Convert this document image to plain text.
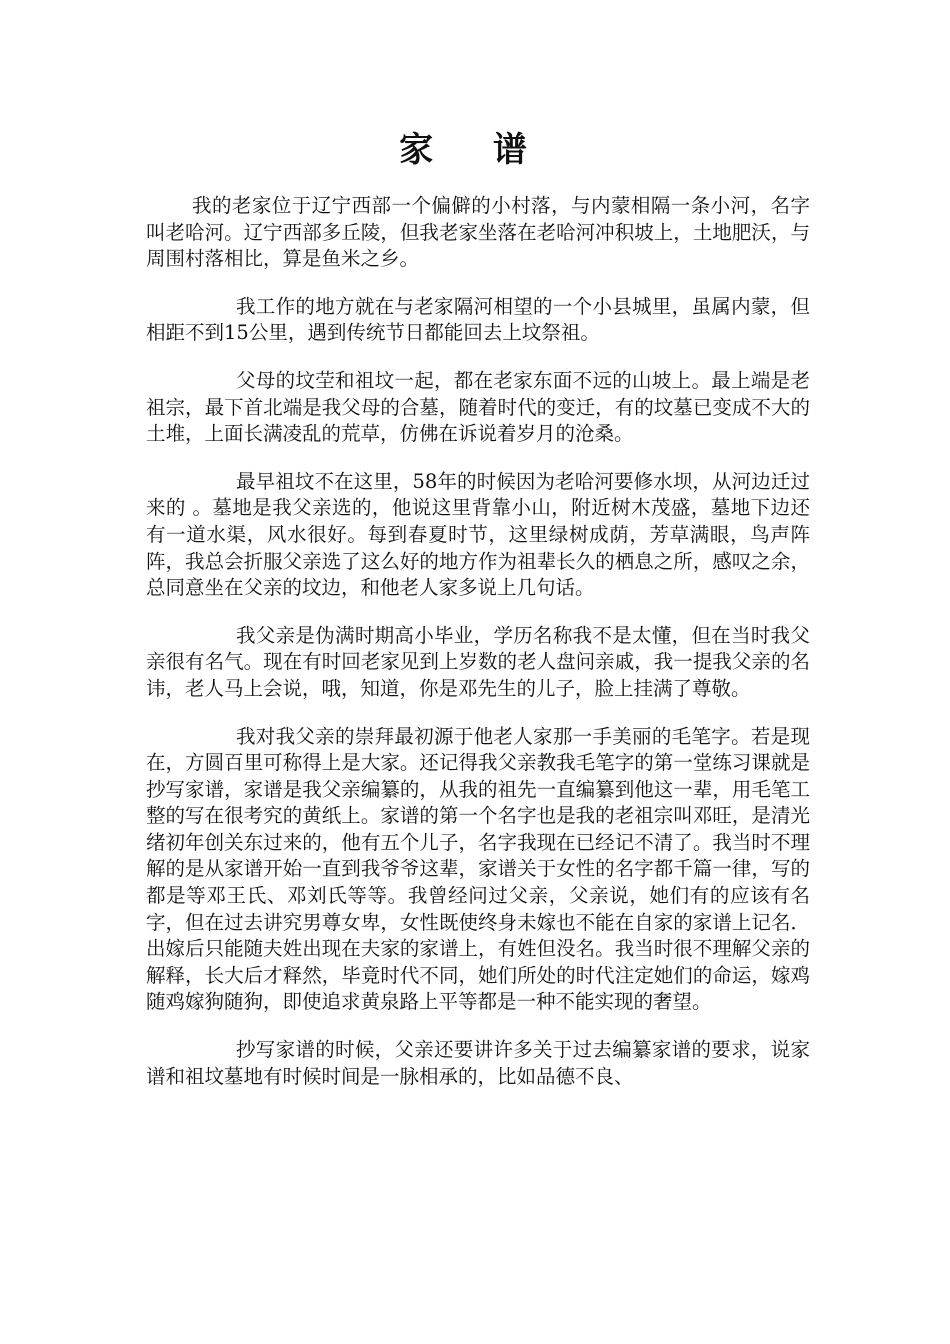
家 谱

我的老家位于辽宁西部一个偏僻的小村落，与内蒙相隔一条小河，名字叫老哈河。辽宁西部多丘陵，但我老家坐落在老哈河冲积坡上，土地肥沃，与周围村落相比，算是鱼米之乡。

我工作的地方就在与老家隔河相望的一个小县城里，虽属内蒙，但相距不到15公里，遇到传统节日都能回去上坟祭祖。

父母的坟茔和祖坟一起，都在老家东面不远的山坡上。最上端是老祖宗，最下首北端是我父母的合墓，随着时代的变迁，有的坟墓已变成不大的土堆，上面长满凌乱的荒草，仿佛在诉说着岁月的沧桑。

最早祖坟不在这里，58年的时候因为老哈河要修水坝，从河边迁过来的 。墓地是我父亲选的，他说这里背靠小山，附近树木茂盛，墓地下边还有一道水渠，风水很好。每到春夏时节，这里绿树成荫，芳草满眼，鸟声阵阵，我总会折服父亲选了这么好的地方作为祖辈长久的栖息之所，感叹之余，总同意坐在父亲的坟边，和他老人家多说上几句话。

我父亲是伪满时期高小毕业，学历名称我不是太懂，但在当时我父亲很有名气。现在有时回老家见到上岁数的老人盘问亲戚，我一提我父亲的名讳，老人马上会说，哦，知道，你是邓先生的儿子，脸上挂满了尊敬。

我对我父亲的崇拜最初源于他老人家那一手美丽的毛笔字。若是现在，方圆百里可称得上是大家。还记得我父亲教我毛笔字的第一堂练习课就是抄写家谱，家谱是我父亲编纂的，从我的祖先一直编纂到他这一辈，用毛笔工整的写在很考究的黄纸上。家谱的第一个名字也是我的老祖宗叫邓旺，是清光绪初年创关东过来的，他有五个儿子，名字我现在已经记不清了。我当时不理解的是从家谱开始一直到我爷爷这辈，家谱关于女性的名字都千篇一律，写的都是等邓王氏、邓刘氏等等。我曾经问过父亲，父亲说，她们有的应该有名字，但在过去讲究男尊女卑，女性既使终身未嫁也不能在自家的家谱上记名．出嫁后只能随夫姓出现在夫家的家谱上，有姓但没名。我当时很不理解父亲的解释，长大后才释然，毕竟时代不同，她们所处的时代注定她们的命运，嫁鸡随鸡嫁狗随狗，即使追求黄泉路上平等都是一种不能实现的奢望。

抄写家谱的时候，父亲还要讲许多关于过去编纂家谱的要求，说家谱和祖坟墓地有时候时间是一脉相承的，比如品德不良、
